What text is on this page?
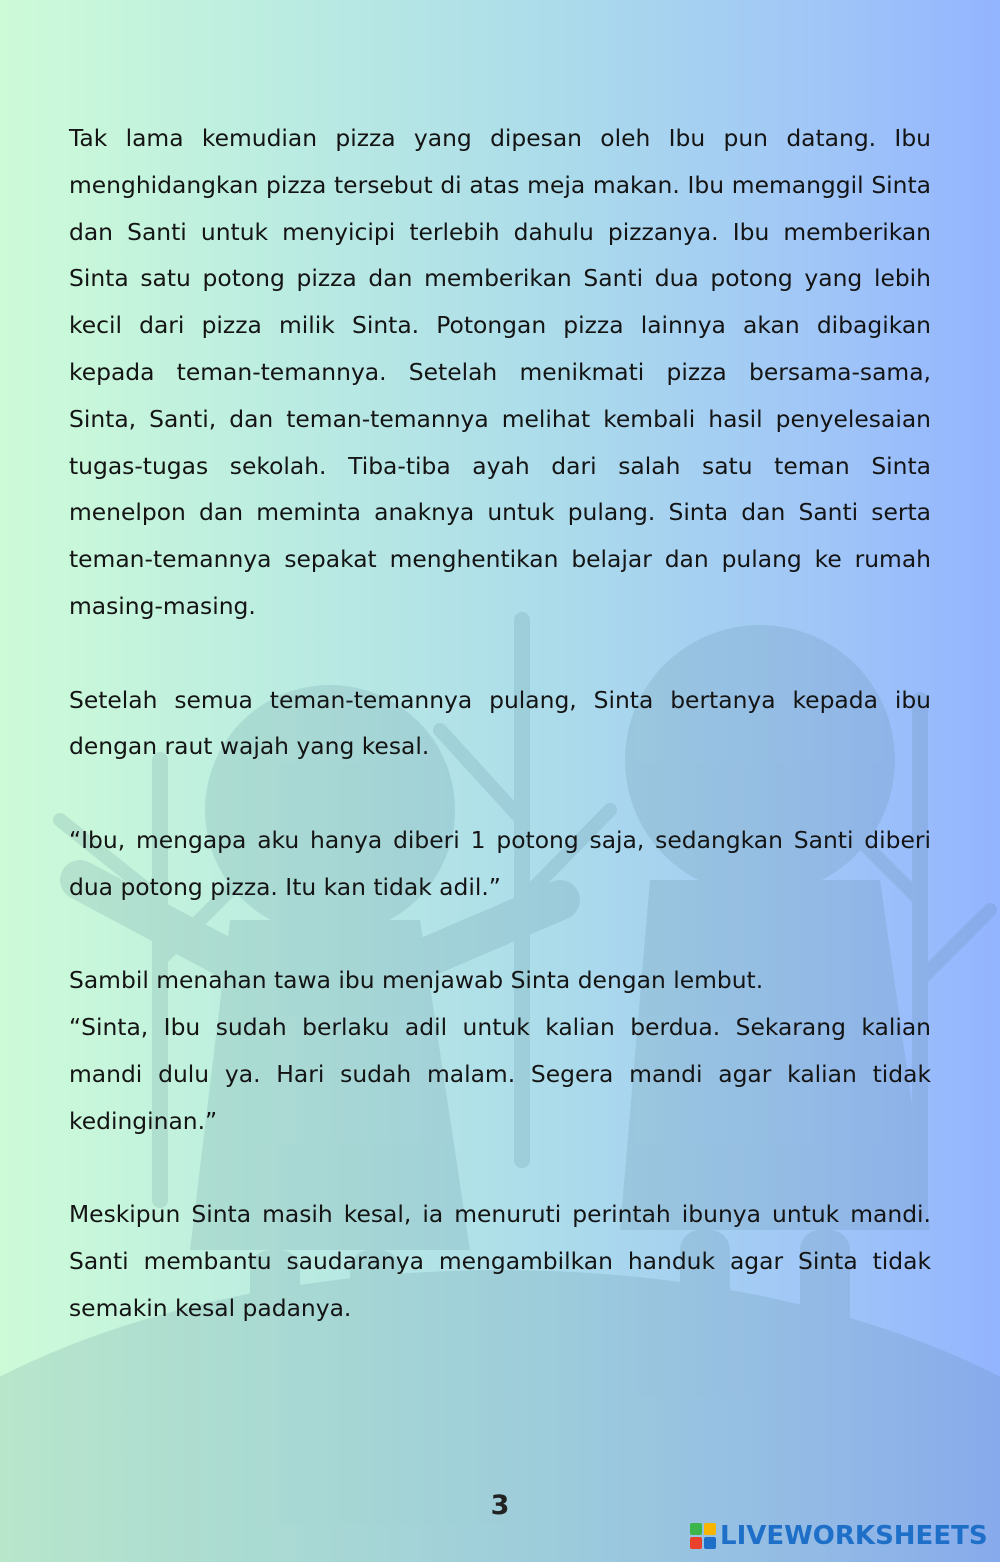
Tak lama kemudian pizza yang dipesan oleh Ibu pun datang. Ibu menghidangkan pizza tersebut di atas meja makan. Ibu memanggil Sinta dan Santi untuk menyicipi terlebih dahulu pizzanya. Ibu memberikan Sinta satu potong pizza dan memberikan Santi dua potong yang lebih kecil dari pizza milik Sinta. Potongan pizza lainnya akan dibagikan kepada teman-temannya. Setelah menikmati pizza bersama-sama, Sinta, Santi, dan teman-temannya melihat kembali hasil penyelesaian tugas-tugas sekolah. Tiba-tiba ayah dari salah satu teman Sinta menelpon dan meminta anaknya untuk pulang. Sinta dan Santi serta teman-temannya sepakat menghentikan belajar dan pulang ke rumah masing-masing.

Setelah semua teman-temannya pulang, Sinta bertanya kepada ibu dengan raut wajah yang kesal.

“Ibu, mengapa aku hanya diberi 1 potong saja, sedangkan Santi diberi dua potong pizza. Itu kan tidak adil.”

Sambil menahan tawa ibu menjawab Sinta dengan lembut.

“Sinta, Ibu sudah berlaku adil untuk kalian berdua. Sekarang kalian mandi dulu ya. Hari sudah malam. Segera mandi agar kalian tidak kedinginan.”

Meskipun Sinta masih kesal, ia menuruti perintah ibunya untuk mandi. Santi membantu saudaranya mengambilkan handuk agar Sinta tidak semakin kesal padanya.

3
LIVEWORKSHEETS
